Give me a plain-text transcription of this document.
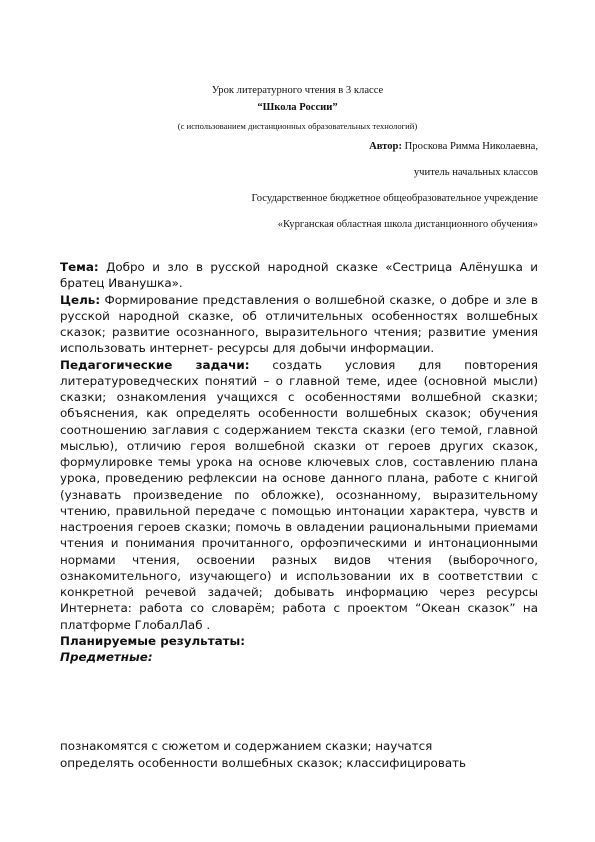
Урок литературного чтения в 3 классе
“Школа России”
(с использованием дистанционных образовательных технологий)
Автор: Проскова Римма Николаевна,
учитель начальных классов
Государственное бюджетное общеобразовательное учреждение
«Курганская областная школа дистанционного обучения»

Тема: Добро и зло в русской народной сказке «Сестрица Алёнушка и братец Иванушка».

Цель: Формирование представления о волшебной сказке, о добре и зле в русской народной сказке, об отличительных особенностях волшебных сказок; развитие осознанного, выразительного чтения; развитие умения использовать интернет- ресурсы для добычи информации.

Педагогические задачи: создать условия для повторения литературоведческих понятий – о главной теме, идее (основной мысли) сказки; ознакомления учащихся с особенностями волшебной сказки; объяснения, как определять особенности волшебных сказок; обучения соотношению заглавия с содержанием текста сказки (его темой, главной мыслью), отличию героя волшебной сказки от героев других сказок, формулировке темы урока на основе ключевых слов, составлению плана урока, проведению рефлексии на основе данного плана, работе с книгой (узнавать произведение по обложке), осознанному, выразительному чтению, правильной передаче с помощью интонации характера, чувств и настроения героев сказки; помочь в овладении рациональными приемами чтения и понимания прочитанного, орфоэпическими и интонационными нормами чтения, освоении разных видов чтения (выборочного, ознакомительного, изучающего) и использовании их в соответствии с конкретной речевой задачей; добывать информацию через ресурсы Интернета: работа со словарём; работа с проектом “Океан сказок” на платформе ГлобалЛаб .

Планируемые результаты:

Предметные:

познакомятся с сюжетом и содержанием сказки; научатся

определять особенности волшебных сказок; классифицировать
